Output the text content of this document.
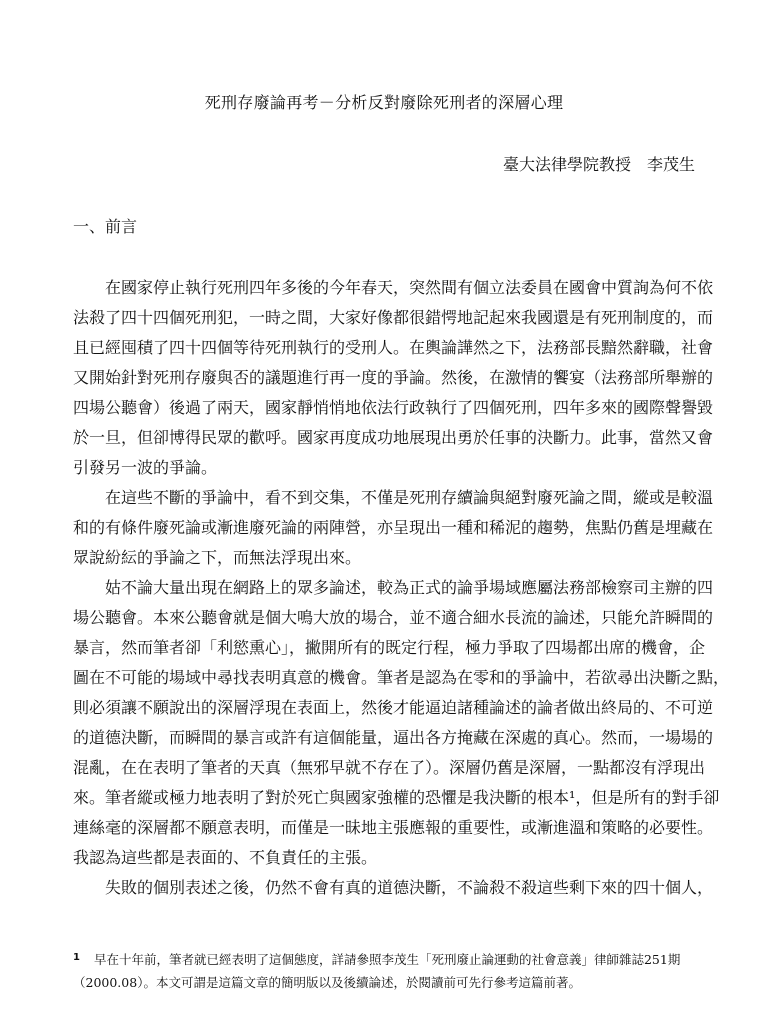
死刑存廢論再考－分析反對廢除死刑者的深層心理
臺大法律學院教授　李茂生
一、前言
在國家停止執行死刑四年多後的今年春天，突然間有個立法委員在國會中質詢為何不依
法殺了四十四個死刑犯，一時之間，大家好像都很錯愕地記起來我國還是有死刑制度的，而
且已經囤積了四十四個等待死刑執行的受刑人。在輿論譁然之下，法務部長黯然辭職，社會
又開始針對死刑存廢與否的議題進行再一度的爭論。然後，在激情的饗宴（法務部所舉辦的
四場公聽會）後過了兩天，國家靜悄悄地依法行政執行了四個死刑，四年多來的國際聲譽毀
於一旦，但卻博得民眾的歡呼。國家再度成功地展現出勇於任事的決斷力。此事，當然又會
引發另一波的爭論。
在這些不斷的爭論中，看不到交集，不僅是死刑存續論與絕對廢死論之間，縱或是較溫
和的有條件廢死論或漸進廢死論的兩陣營，亦呈現出一種和稀泥的趨勢，焦點仍舊是埋藏在
眾說紛紜的爭論之下，而無法浮現出來。
姑不論大量出現在網路上的眾多論述，較為正式的論爭場域應屬法務部檢察司主辦的四
場公聽會。本來公聽會就是個大鳴大放的場合，並不適合細水長流的論述，只能允許瞬間的
暴言，然而筆者卻「利慾熏心」，撇開所有的既定行程，極力爭取了四場都出席的機會，企
圖在不可能的場域中尋找表明真意的機會。筆者是認為在零和的爭論中，若欲尋出決斷之點，
則必須讓不願說出的深層浮現在表面上，然後才能逼迫諸種論述的論者做出終局的、不可逆
的道德決斷，而瞬間的暴言或許有這個能量，逼出各方掩藏在深處的真心。然而，一場場的
混亂，在在表明了筆者的天真（無邪早就不存在了）。深層仍舊是深層，一點都沒有浮現出
來。筆者縱或極力地表明了對於死亡與國家強權的恐懼是我決斷的根本¹，但是所有的對手卻
連絲毫的深層都不願意表明，而僅是一昧地主張應報的重要性，或漸進溫和策略的必要性。
我認為這些都是表面的、不負責任的主張。
失敗的個別表述之後，仍然不會有真的道德決斷，不論殺不殺這些剩下來的四十個人，
$^1$ 早在十年前，筆者就已經表明了這個態度，詳請參照李茂生「死刑廢止論運動的社會意義」律師雜誌251期
（2000.08）。本文可謂是這篇文章的簡明版以及後續論述，於閱讀前可先行參考這篇前著。
